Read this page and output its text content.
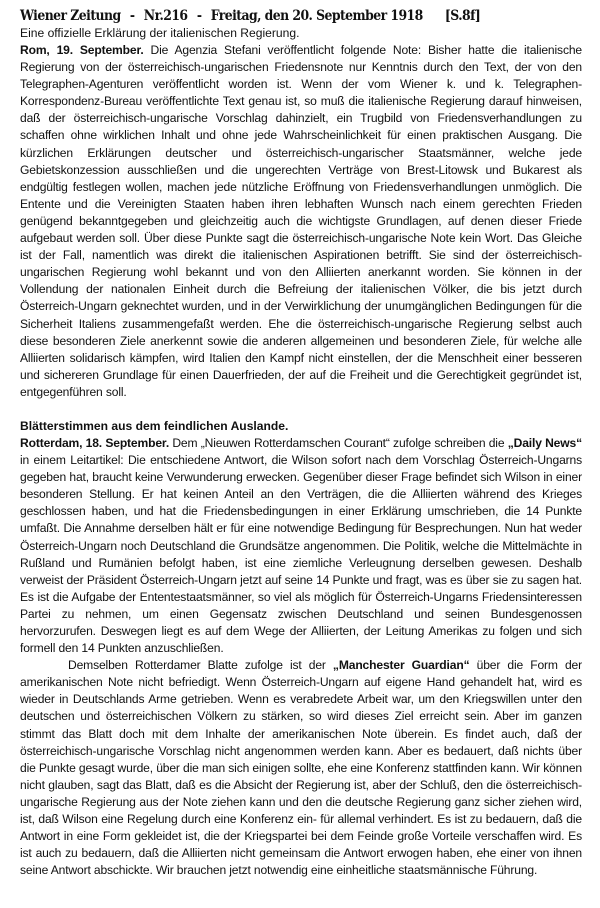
Wiener Zeitung - Nr.216 - Freitag, den 20. September 1918 [S.8f]
Eine offizielle Erklärung der italienischen Regierung.

Rom, 19. September. Die Agenzia Stefani veröffentlicht folgende Note: Bisher hatte die italienische Regierung von der österreichisch-ungarischen Friedensnote nur Kenntnis durch den Text, der von den Telegraphen-Agenturen veröffentlicht worden ist. Wenn der vom Wiener k. und k. Telegraphen-Korrespondenz-Bureau veröffentlichte Text genau ist, so muß die italienische Regierung darauf hinweisen, daß der österreichisch-ungarische Vorschlag dahinzielt, ein Trugbild von Friedensverhandlungen zu schaffen ohne wirklichen Inhalt und ohne jede Wahrscheinlichkeit für einen praktischen Ausgang. Die kürzlichen Erklärungen deutscher und österreichisch-ungarischer Staatsmänner, welche jede Gebietskonzession ausschließen und die ungerechten Verträge von Brest-Litowsk und Bukarest als endgültig festlegen wollen, machen jede nützliche Eröffnung von Friedensverhandlungen unmöglich. Die Entente und die Vereinigten Staaten haben ihren lebhaften Wunsch nach einem gerechten Frieden genügend bekanntgegeben und gleichzeitig auch die wichtigste Grundlagen, auf denen dieser Friede aufgebaut werden soll. Über diese Punkte sagt die österreichisch-ungarische Note kein Wort. Das Gleiche ist der Fall, namentlich was direkt die italienischen Aspirationen betrifft. Sie sind der österreichisch-ungarischen Regierung wohl bekannt und von den Alliierten anerkannt worden. Sie können in der Vollendung der nationalen Einheit durch die Befreiung der italienischen Völker, die bis jetzt durch Österreich-Ungarn geknechtet wurden, und in der Verwirklichung der unumgänglichen Bedingungen für die Sicherheit Italiens zusammengefaßt werden. Ehe die österreichisch-ungarische Regierung selbst auch diese besonderen Ziele anerkennt sowie die anderen allgemeinen und besonderen Ziele, für welche alle Alliierten solidarisch kämpfen, wird Italien den Kampf nicht einstellen, der die Menschheit einer besseren und sichereren Grundlage für einen Dauerfrieden, der auf die Freiheit und die Gerechtigkeit gegründet ist, entgegenführen soll.

Blätterstimmen aus dem feindlichen Auslande.

Rotterdam, 18. September. Dem „Nieuwen Rotterdamschen Courant“ zufolge schreiben die „Daily News“ in einem Leitartikel: Die entschiedene Antwort, die Wilson sofort nach dem Vorschlag Österreich-Ungarns gegeben hat, braucht keine Verwunderung erwecken. Gegenüber dieser Frage befindet sich Wilson in einer besonderen Stellung. Er hat keinen Anteil an den Verträgen, die die Alliierten während des Krieges geschlossen haben, und hat die Friedensbedingungen in einer Erklärung umschrieben, die 14 Punkte umfaßt. Die Annahme derselben hält er für eine notwendige Bedingung für Besprechungen. Nun hat weder Österreich-Ungarn noch Deutschland die Grundsätze angenommen. Die Politik, welche die Mittelmächte in Rußland und Rumänien befolgt haben, ist eine ziemliche Verleugnung derselben gewesen. Deshalb verweist der Präsident Österreich-Ungarn jetzt auf seine 14 Punkte und fragt, was es über sie zu sagen hat. Es ist die Aufgabe der Ententestaatsmänner, so viel als möglich für Österreich-Ungarns Friedensinteressen Partei zu nehmen, um einen Gegensatz zwischen Deutschland und seinen Bundesgenossen hervorzurufen. Deswegen liegt es auf dem Wege der Alliierten, der Leitung Amerikas zu folgen und sich formell den 14 Punkten anzuschließen.

Demselben Rotterdamer Blatte zufolge ist der „Manchester Guardian“ über die Form der amerikanischen Note nicht befriedigt. Wenn Österreich-Ungarn auf eigene Hand gehandelt hat, wird es wieder in Deutschlands Arme getrieben. Wenn es verabredete Arbeit war, um den Kriegswillen unter den deutschen und österreichischen Völkern zu stärken, so wird dieses Ziel erreicht sein. Aber im ganzen stimmt das Blatt doch mit dem Inhalte der amerikanischen Note überein. Es findet auch, daß der österreichisch-ungarische Vorschlag nicht angenommen werden kann. Aber es bedauert, daß nichts über die Punkte gesagt wurde, über die man sich einigen sollte, ehe eine Konferenz stattfinden kann. Wir können nicht glauben, sagt das Blatt, daß es die Absicht der Regierung ist, aber der Schluß, den die österreichisch-ungarische Regierung aus der Note ziehen kann und den die deutsche Regierung ganz sicher ziehen wird, ist, daß Wilson eine Regelung durch eine Konferenz ein- für allemal verhindert. Es ist zu bedauern, daß die Antwort in eine Form gekleidet ist, die der Kriegspartei bei dem Feinde große Vorteile verschaffen wird. Es ist auch zu bedauern, daß die Alliierten nicht gemeinsam die Antwort erwogen haben, ehe einer von ihnen seine Antwort abschickte. Wir brauchen jetzt notwendig eine einheitliche staatsmännische Führung.
